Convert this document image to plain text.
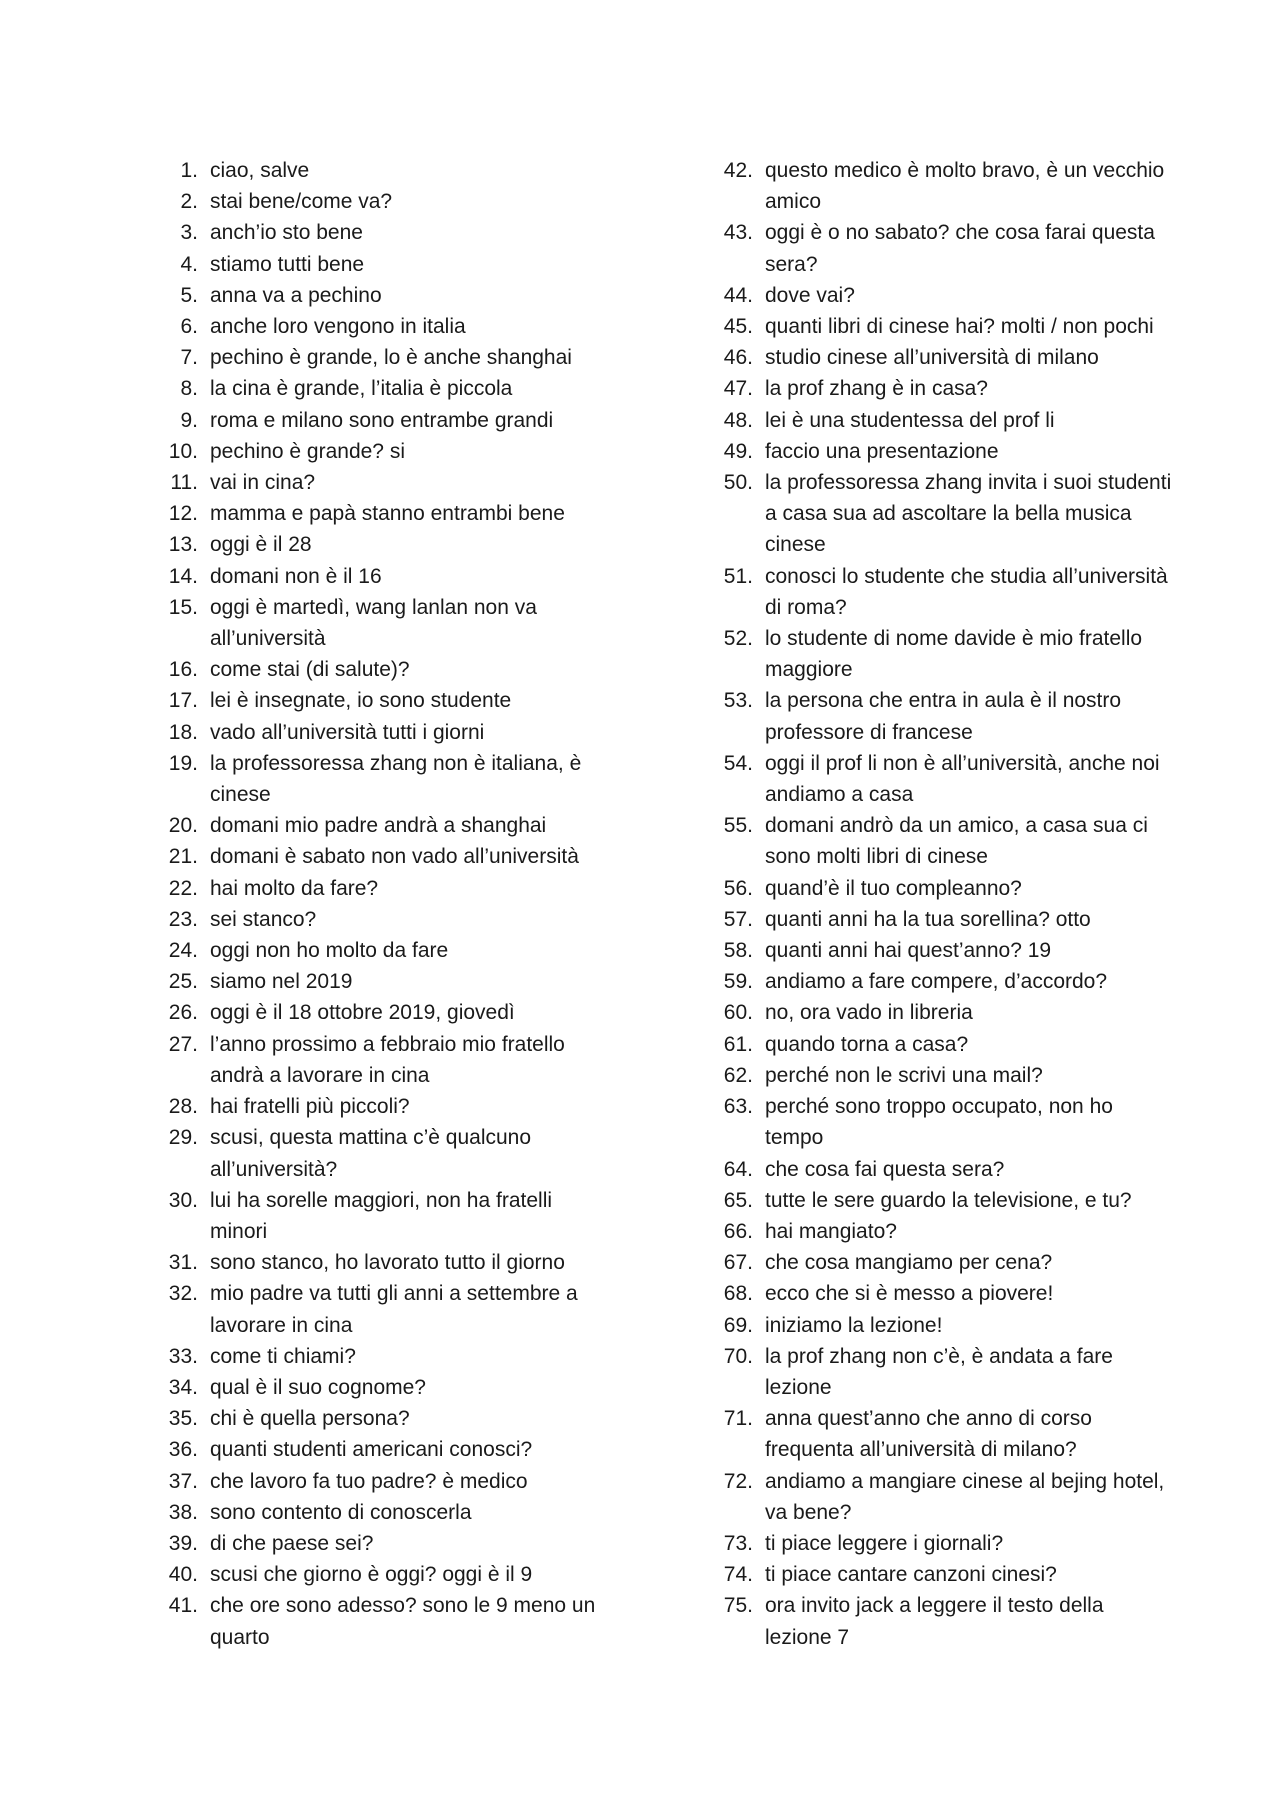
1. ciao, salve
2. stai bene/come va?
3. anch’io sto bene
4. stiamo tutti bene
5. anna va a pechino
6. anche loro vengono in italia
7. pechino è grande, lo è anche shanghai
8. la cina è grande, l’italia è piccola
9. roma e milano sono entrambe grandi
10. pechino è grande? si
11. vai in cina?
12. mamma e papà stanno entrambi bene
13. oggi è il 28
14. domani non è il 16
15. oggi è martedì, wang lanlan non va all’università
16. come stai (di salute)?
17. lei è insegnate, io sono studente
18. vado all’università tutti i giorni
19. la professoressa zhang non è italiana, è cinese
20. domani mio padre andrà a shanghai
21. domani è sabato non vado all’università
22. hai molto da fare?
23. sei stanco?
24. oggi non ho molto da fare
25. siamo nel 2019
26. oggi è il 18 ottobre 2019, giovedì
27. l’anno prossimo a febbraio mio fratello andrà a lavorare in cina
28. hai fratelli più piccoli?
29. scusi, questa mattina c’è qualcuno all’università?
30. lui ha sorelle maggiori, non ha fratelli minori
31. sono stanco, ho lavorato tutto il giorno
32. mio padre va tutti gli anni a settembre a lavorare in cina
33. come ti chiami?
34. qual è il suo cognome?
35. chi è quella persona?
36. quanti studenti americani conosci?
37. che lavoro fa tuo padre? è medico
38. sono contento di conoscerla
39. di che paese sei?
40. scusi che giorno è oggi? oggi è il 9
41. che ore sono adesso? sono le 9 meno un quarto
42. questo medico è molto bravo, è un vecchio amico
43. oggi è o no sabato? che cosa farai questa sera?
44. dove vai?
45. quanti libri di cinese hai? molti / non pochi
46. studio cinese all’università di milano
47. la prof zhang è in casa?
48. lei è una studentessa del prof li
49. faccio una presentazione
50. la professoressa zhang invita i suoi studenti a casa sua ad ascoltare la bella musica cinese
51. conosci lo studente che studia all’università di roma?
52. lo studente di nome davide è mio fratello maggiore
53. la persona che entra in aula è il nostro professore di francese
54. oggi il prof li non è all’università, anche noi andiamo a casa
55. domani andrò da un amico, a casa sua ci sono molti libri di cinese
56. quand’è il tuo compleanno?
57. quanti anni ha la tua sorellina? otto
58. quanti anni hai quest’anno? 19
59. andiamo a fare compere, d’accordo?
60. no, ora vado in libreria
61. quando torna a casa?
62. perché non le scrivi una mail?
63. perché sono troppo occupato, non ho tempo
64. che cosa fai questa sera?
65. tutte le sere guardo la televisione, e tu?
66. hai mangiato?
67. che cosa mangiamo per cena?
68. ecco che si è messo a piovere!
69. iniziamo la lezione!
70. la prof zhang non c’è, è andata a fare lezione
71. anna quest’anno che anno di corso frequenta all’università di milano?
72. andiamo a mangiare cinese al bejing hotel, va bene?
73. ti piace leggere i giornali?
74. ti piace cantare canzoni cinesi?
75. ora invito jack a leggere il testo della lezione 7
